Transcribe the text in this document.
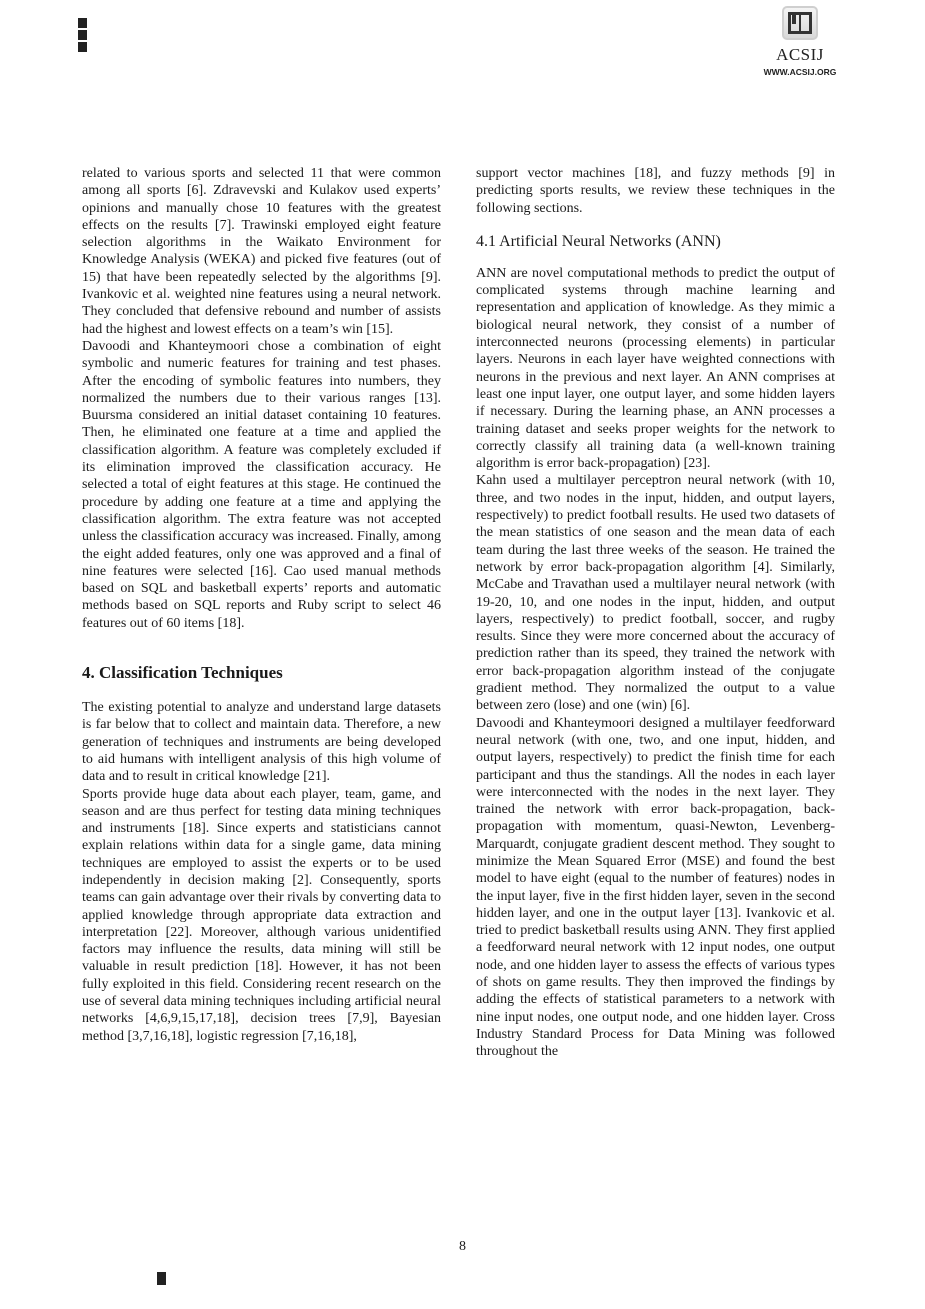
ACSIJ
WWW.ACSIJ.ORG

related to various sports and selected 11 that were common among all sports [6]. Zdravevski and Kulakov used experts’ opinions and manually chose 10 features with the greatest effects on the results [7]. Trawinski employed eight feature selection algorithms in the Waikato Environment for Knowledge Analysis (WEKA) and picked five features (out of 15) that have been repeatedly selected by the algorithms [9]. Ivankovic et al. weighted nine features using a neural network. They concluded that defensive rebound and number of assists had the highest and lowest effects on a team’s win [15].

Davoodi and Khanteymoori chose a combination of eight symbolic and numeric features for training and test phases. After the encoding of symbolic features into numbers, they normalized the numbers due to their various ranges [13]. Buursma considered an initial dataset containing 10 features. Then, he eliminated one feature at a time and applied the classification algorithm. A feature was completely excluded if its elimination improved the classification accuracy. He selected a total of eight features at this stage. He continued the procedure by adding one feature at a time and applying the classification algorithm. The extra feature was not accepted unless the classification accuracy was increased. Finally, among the eight added features, only one was approved and a final of nine features were selected [16]. Cao used manual methods based on SQL and basketball experts’ reports and automatic methods based on SQL reports and Ruby script to select 46 features out of 60 items [18].

4. Classification Techniques

The existing potential to analyze and understand large datasets is far below that to collect and maintain data. Therefore, a new generation of techniques and instruments are being developed to aid humans with intelligent analysis of this high volume of data and to result in critical knowledge [21].

Sports provide huge data about each player, team, game, and season and are thus perfect for testing data mining techniques and instruments [18]. Since experts and statisticians cannot explain relations within data for a single game, data mining techniques are employed to assist the experts or to be used independently in decision making [2]. Consequently, sports teams can gain advantage over their rivals by converting data to applied knowledge through appropriate data extraction and interpretation [22]. Moreover, although various unidentified factors may influence the results, data mining will still be valuable in result prediction [18]. However, it has not been fully exploited in this field. Considering recent research on the use of several data mining techniques including artificial neural networks [4,6,9,15,17,18], decision trees [7,9], Bayesian method [3,7,16,18], logistic regression [7,16,18],

support vector machines [18], and fuzzy methods [9] in predicting sports results, we review these techniques in the following sections.

4.1 Artificial Neural Networks (ANN)

ANN are novel computational methods to predict the output of complicated systems through machine learning and representation and application of knowledge. As they mimic a biological neural network, they consist of a number of interconnected neurons (processing elements) in particular layers. Neurons in each layer have weighted connections with neurons in the previous and next layer. An ANN comprises at least one input layer, one output layer, and some hidden layers if necessary. During the learning phase, an ANN processes a training dataset and seeks proper weights for the network to correctly classify all training data (a well-known training algorithm is error back-propagation) [23].

Kahn used a multilayer perceptron neural network (with 10, three, and two nodes in the input, hidden, and output layers, respectively) to predict football results. He used two datasets of the mean statistics of one season and the mean data of each team during the last three weeks of the season. He trained the network by error back-propagation algorithm [4]. Similarly, McCabe and Travathan used a multilayer neural network (with 19-20, 10, and one nodes in the input, hidden, and output layers, respectively) to predict football, soccer, and rugby results. Since they were more concerned about the accuracy of prediction rather than its speed, they trained the network with error back-propagation algorithm instead of the conjugate gradient method. They normalized the output to a value between zero (lose) and one (win) [6].

Davoodi and Khanteymoori designed a multilayer feedforward neural network (with one, two, and one input, hidden, and output layers, respectively) to predict the finish time for each participant and thus the standings. All the nodes in each layer were interconnected with the nodes in the next layer. They trained the network with error back-propagation, back-propagation with momentum, quasi-Newton, Levenberg-Marquardt, conjugate gradient descent method. They sought to minimize the Mean Squared Error (MSE) and found the best model to have eight (equal to the number of features) nodes in the input layer, five in the first hidden layer, seven in the second hidden layer, and one in the output layer [13]. Ivankovic et al. tried to predict basketball results using ANN. They first applied a feedforward neural network with 12 input nodes, one output node, and one hidden layer to assess the effects of various types of shots on game results. They then improved the findings by adding the effects of statistical parameters to a network with nine input nodes, one output node, and one hidden layer. Cross Industry Standard Process for Data Mining was followed throughout the

8
